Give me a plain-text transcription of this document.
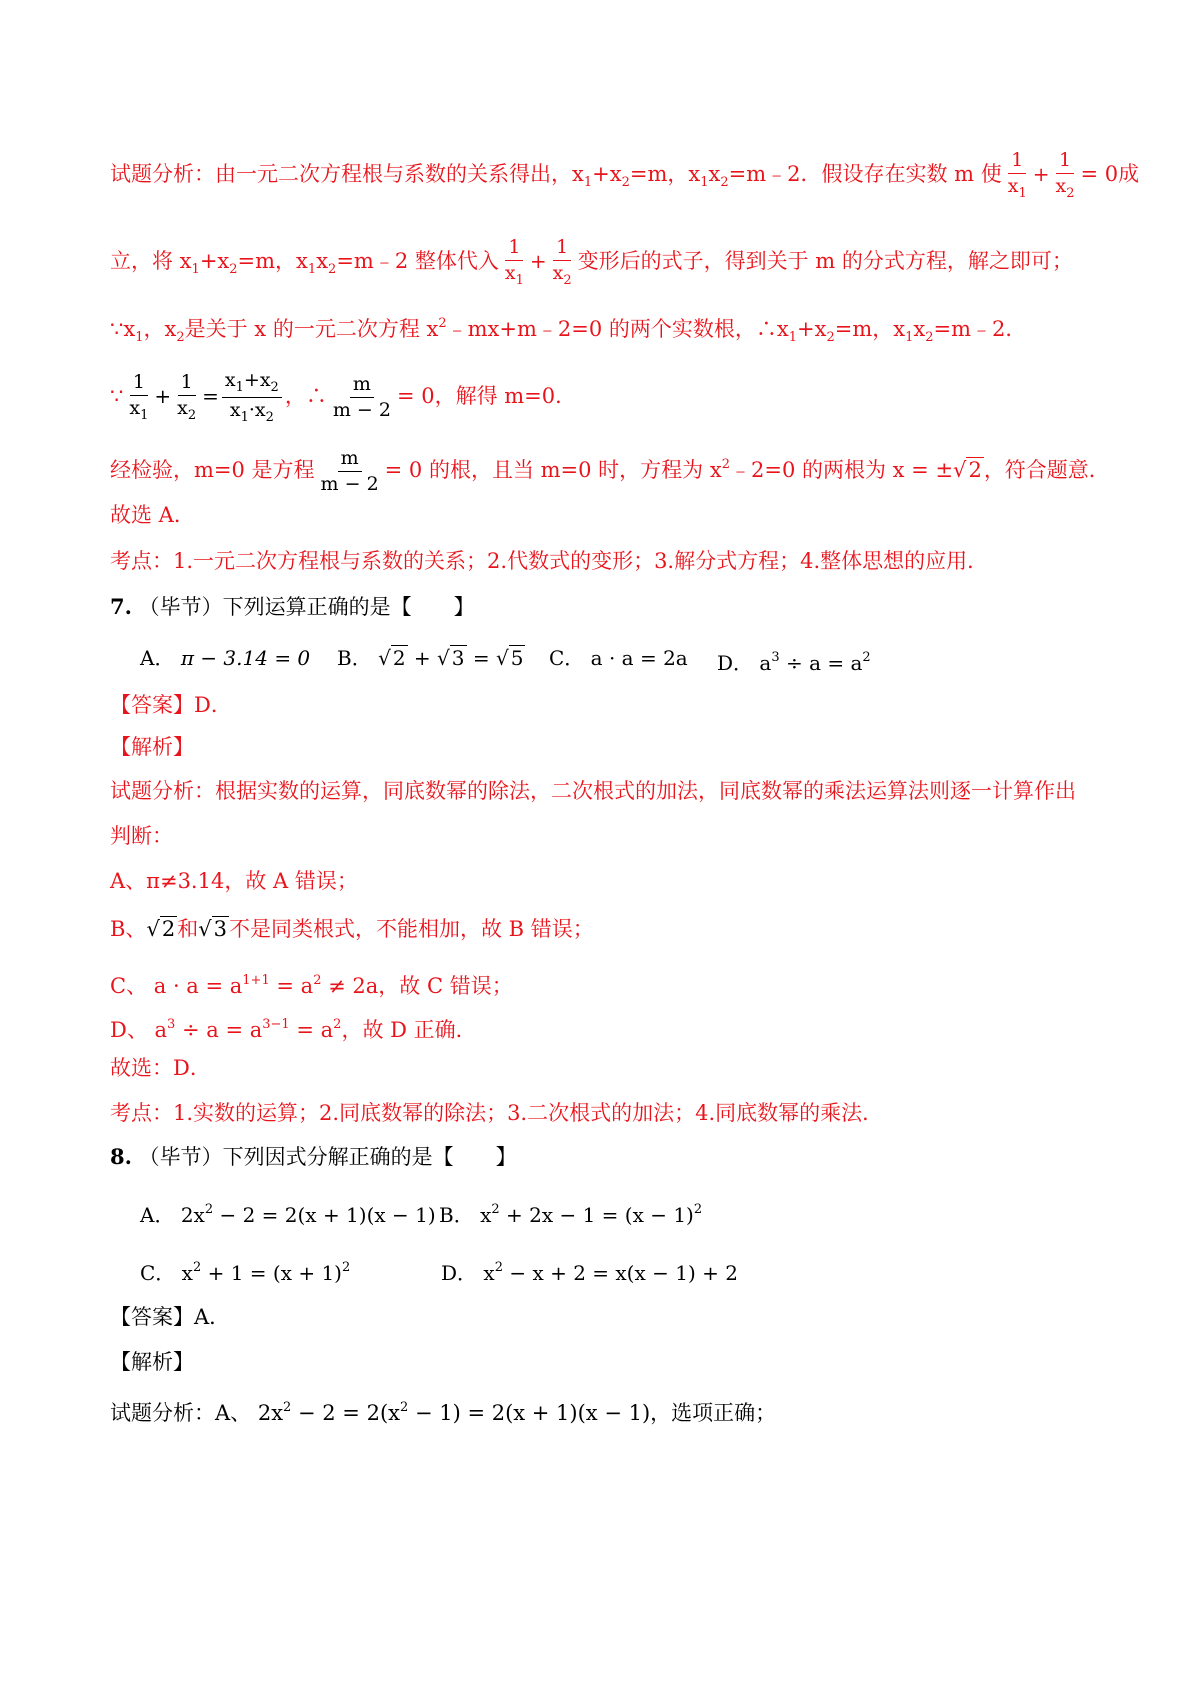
试题分析：由一元二次方程根与系数的关系得出，$x_1+x_2=m$，$x_1x_2=m﹣2$．假设存在实数 m 使 $\frac{1}{x_1} + \frac{1}{x_2} = 0$成
立，将 $x_1+x_2=m$，$x_1x_2=m﹣2$ 整体代入 $\frac{1}{x_1} + \frac{1}{x_2}$ 变形后的式子，得到关于 m 的分式方程，解之即可；
$\because x_1$，$x_2$是关于 x 的一元二次方程 $x^2﹣mx+m﹣2=0$ 的两个实数根，$\therefore x_1+x_2=m$，$x_1x_2=m﹣2$．
∵ $\frac{1}{x_1} + \frac{1}{x_2} = \frac{x_1+x_2}{x_1\cdot x_2}$ ，∴ $\frac{m}{m - 2} = 0$，解得 m=0．
经检验，m=0 是方程 $\frac{m}{m - 2} = 0$ 的根，且当 m=0 时，方程为 $x^2﹣2=0$ 的两根为 x = ±√2，符合题意．
故选 A．
考点：1.一元二次方程根与系数的关系；2.代数式的变形；3.解分式方程；4.整体思想的应用．
7. （毕节）下列运算正确的是【　　】
A． π − 3.14 = 0 B． √ 2 + √ 3 = √ 5 C． a · a = 2a D． $a^3 \div a = a^2$
【答案】D．
【解析】
试题分析：根据实数的运算，同底数幂的除法，二次根式的加法，同底数幂的乘法运算法则逐一计算作出
判断：
A、π≠3.14，故 A 错误；
B、√2和√3不是同类根式，不能相加，故 B 错误；
C、 $a \cdot a = a^{1+1} = a^2 \ne 2a$，故 C 错误；
D、 $a^3 \div a = a^{3-1} = a^2$，故 D 正确．
故选：D．
考点：1.实数的运算；2.同底数幂的除法；3.二次根式的加法；4.同底数幂的乘法．
8. （毕节）下列因式分解正确的是【　　】
A． $2x^2 - 2 = 2(x + 1)(x - 1)$ B． $x^2 + 2x - 1 = (x - 1)^2$
C． $x^2 + 1 = (x + 1)^2$	D． $x^2 - x + 2 = x(x - 1) + 2$
【答案】A．
【解析】
试题分析：A、 $2x^2 - 2 = 2(x^2 - 1) = 2(x + 1)(x - 1)$，选项正确；
